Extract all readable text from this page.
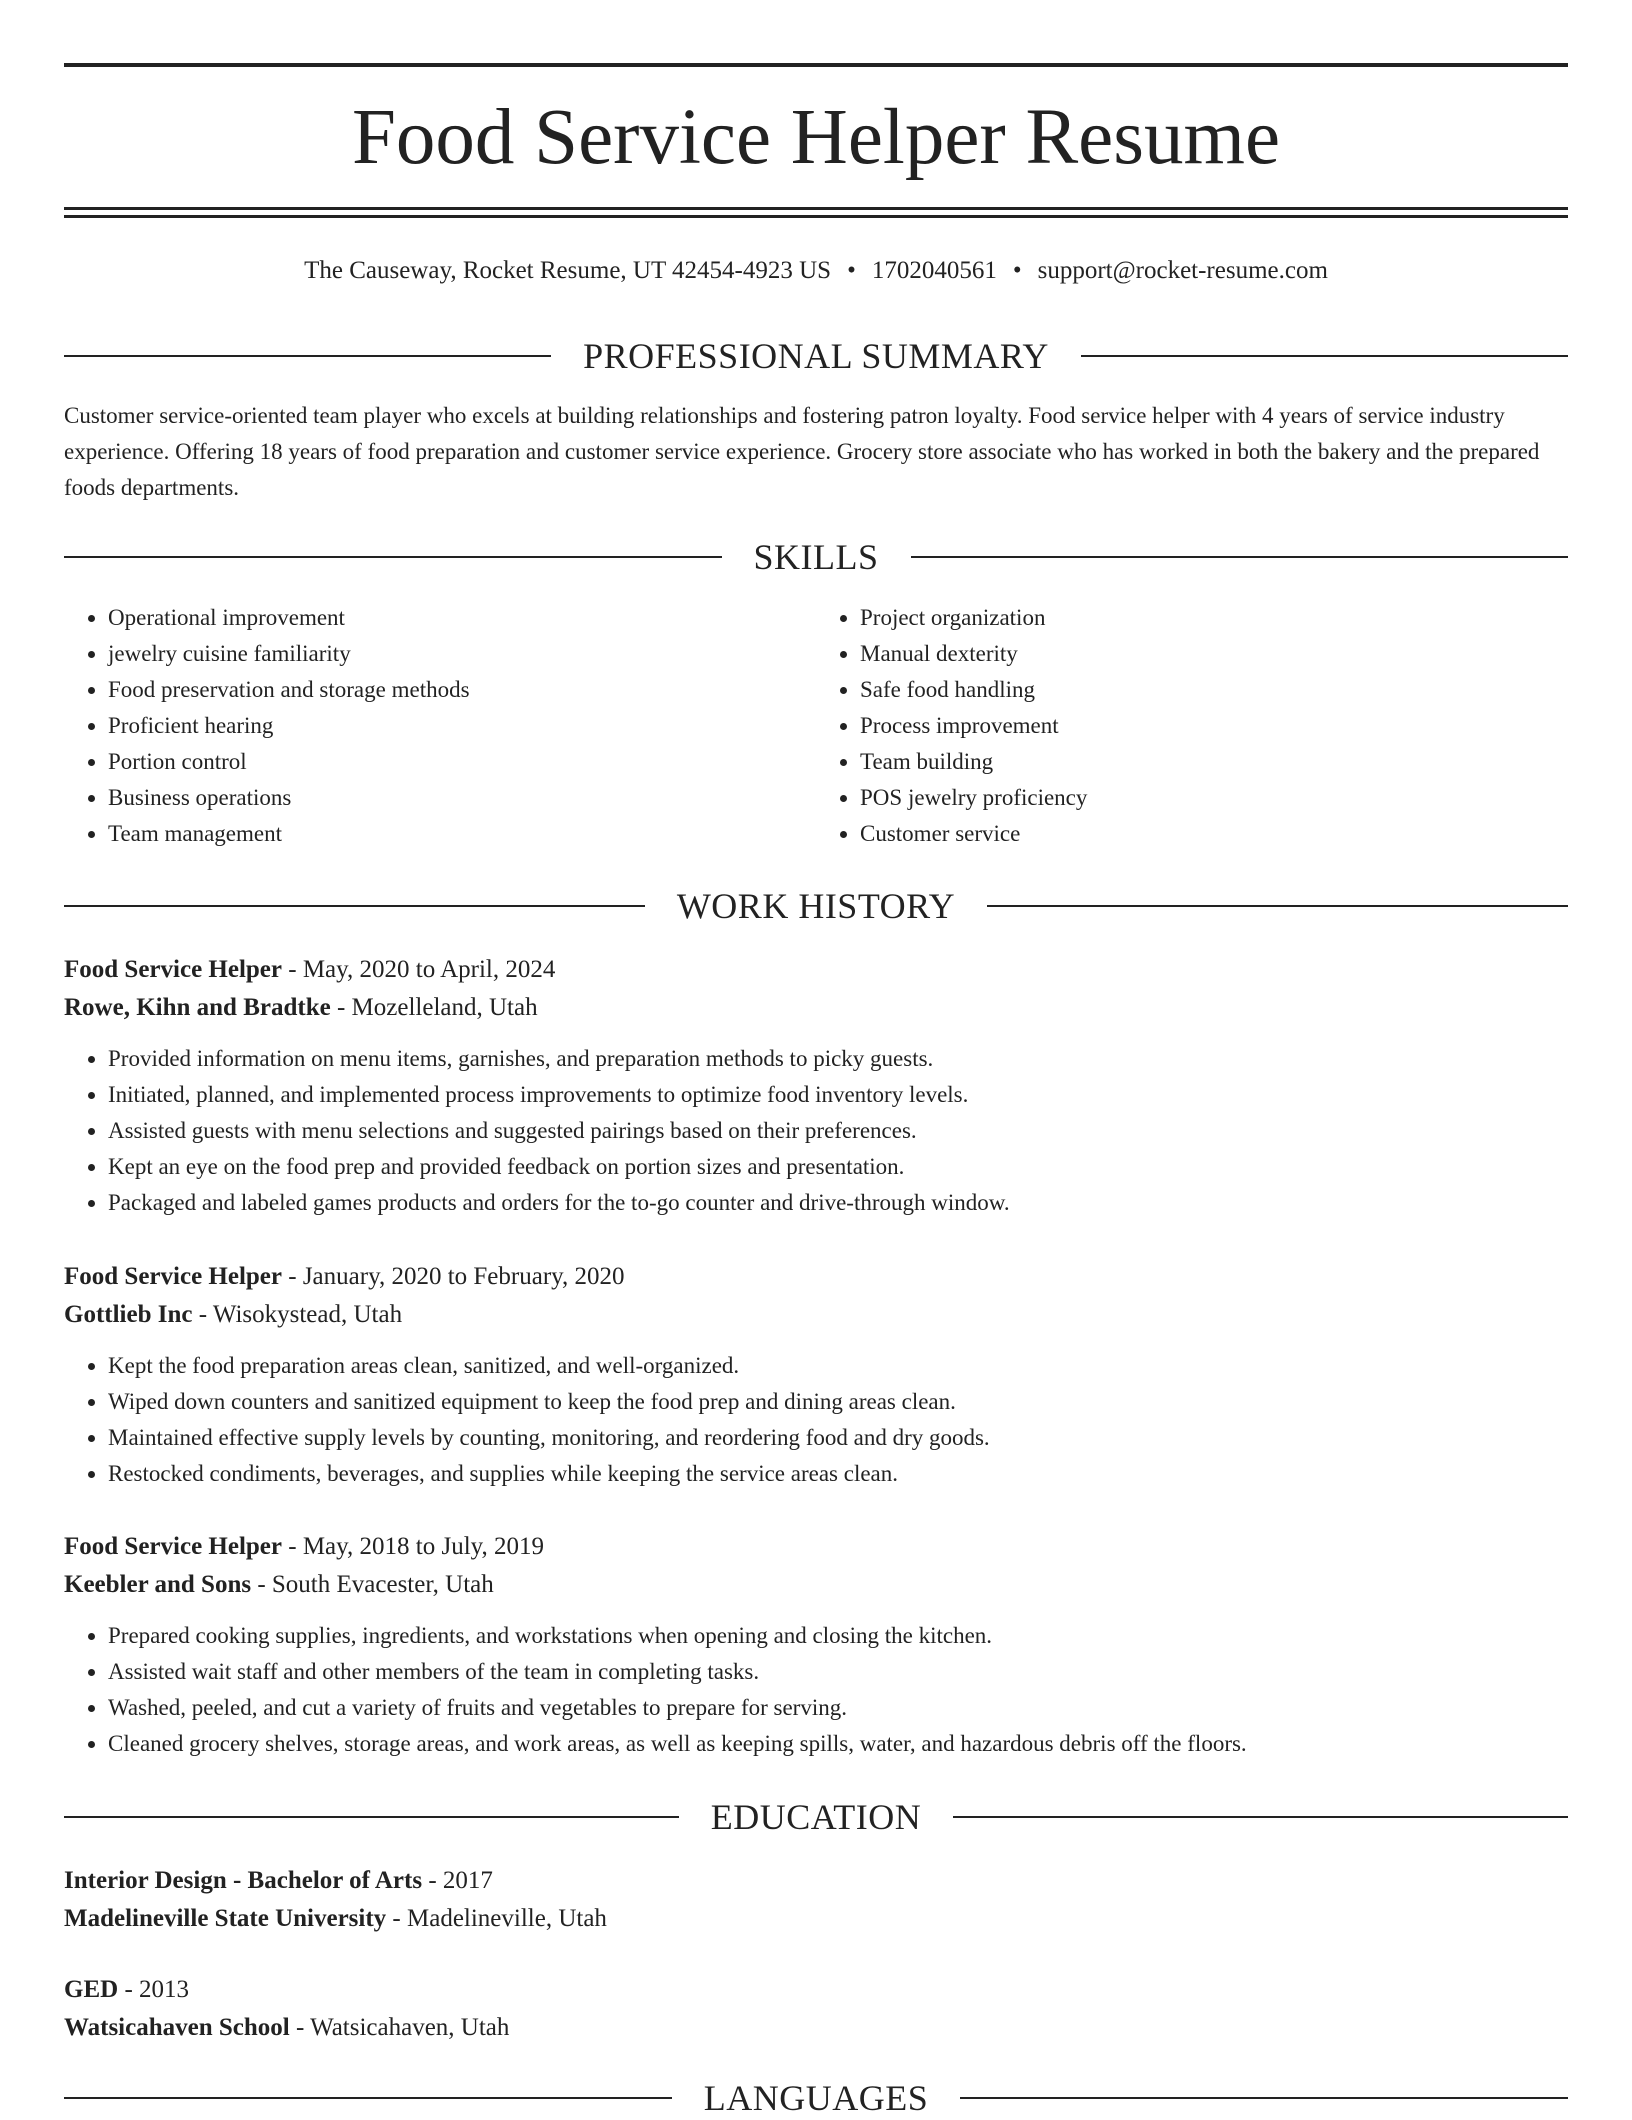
Food Service Helper Resume
The Causeway, Rocket Resume, UT 42454-4923 US • 1702040561 • support@rocket-resume.com
PROFESSIONAL SUMMARY

Customer service-oriented team player who excels at building relationships and fostering patron loyalty. Food service helper with 4 years of service industry experience. Offering 18 years of food preparation and customer service experience. Grocery store associate who has worked in both the bakery and the prepared foods departments.

SKILLS
• Operational improvement
• jewelry cuisine familiarity
• Food preservation and storage methods
• Proficient hearing
• Portion control
• Business operations
• Team management
• Project organization
• Manual dexterity
• Safe food handling
• Process improvement
• Team building
• POS jewelry proficiency
• Customer service
WORK HISTORY
Food Service Helper - May, 2020 to April, 2024
Rowe, Kihn and Bradtke - Mozelleland, Utah
• Provided information on menu items, garnishes, and preparation methods to picky guests.
• Initiated, planned, and implemented process improvements to optimize food inventory levels.
• Assisted guests with menu selections and suggested pairings based on their preferences.
• Kept an eye on the food prep and provided feedback on portion sizes and presentation.
• Packaged and labeled games products and orders for the to-go counter and drive-through window.
Food Service Helper - January, 2020 to February, 2020
Gottlieb Inc - Wisokystead, Utah
• Kept the food preparation areas clean, sanitized, and well-organized.
• Wiped down counters and sanitized equipment to keep the food prep and dining areas clean.
• Maintained effective supply levels by counting, monitoring, and reordering food and dry goods.
• Restocked condiments, beverages, and supplies while keeping the service areas clean.
Food Service Helper - May, 2018 to July, 2019
Keebler and Sons - South Evacester, Utah
• Prepared cooking supplies, ingredients, and workstations when opening and closing the kitchen.
• Assisted wait staff and other members of the team in completing tasks.
• Washed, peeled, and cut a variety of fruits and vegetables to prepare for serving.
• Cleaned grocery shelves, storage areas, and work areas, as well as keeping spills, water, and hazardous debris off the floors.
EDUCATION
Interior Design - Bachelor of Arts - 2017
Madelineville State University - Madelineville, Utah
GED - 2013
Watsicahaven School - Watsicahaven, Utah
LANGUAGES
